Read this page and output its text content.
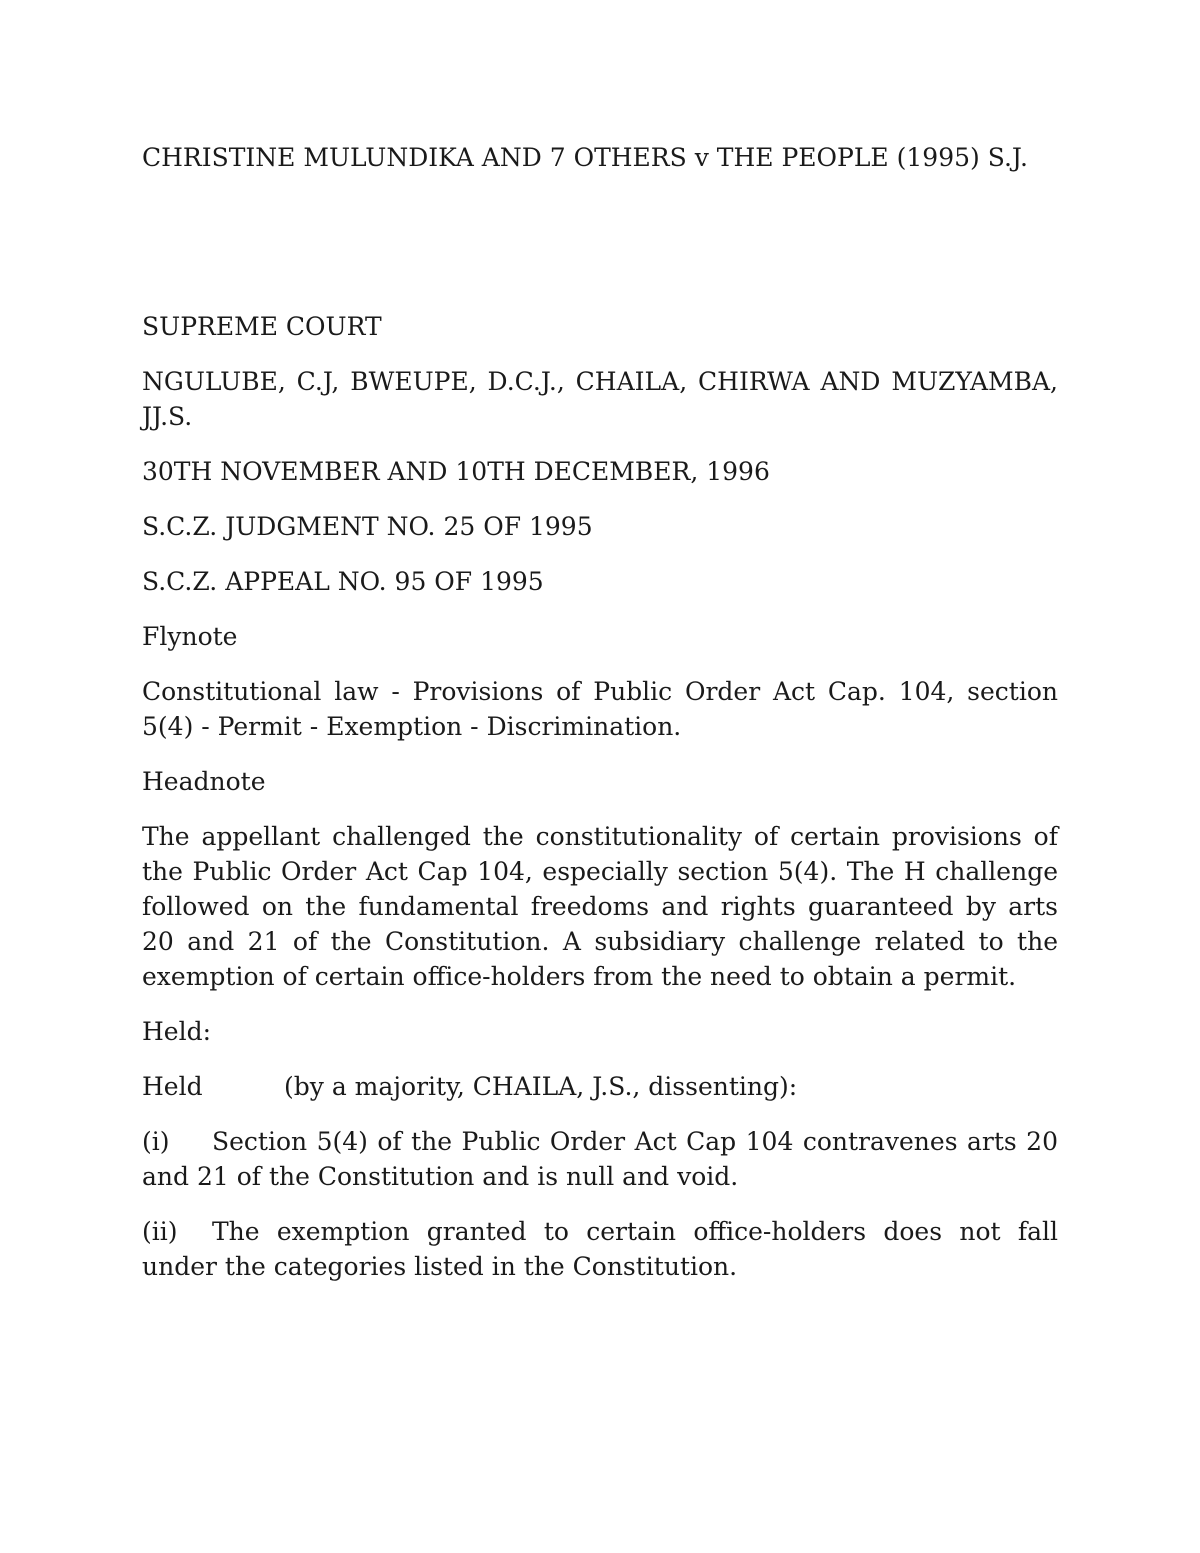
CHRISTINE MULUNDIKA AND 7 OTHERS v THE PEOPLE (1995) S.J.

SUPREME COURT

NGULUBE, C.J, BWEUPE, D.C.J., CHAILA, CHIRWA AND MUZYAMBA, JJ.S.

30TH NOVEMBER AND 10TH DECEMBER, 1996

S.C.Z. JUDGMENT NO. 25 OF 1995

S.C.Z. APPEAL NO. 95 OF 1995

Flynote

Constitutional law - Provisions of Public Order Act Cap. 104, section 5(4) - Permit - Exemption - Discrimination.

Headnote

The appellant challenged the constitutionality of certain provisions of the Public Order Act Cap 104, especially section 5(4). The H challenge followed on the fundamental freedoms and rights guaranteed by arts 20 and 21 of the Constitution. A subsidiary challenge related to the exemption of certain office-holders from the need to obtain a permit.

Held:

Held	(by a majority, CHAILA, J.S., dissenting):

(i) Section 5(4) of the Public Order Act Cap 104 contravenes arts 20 and 21 of the Constitution and is null and void.

(ii) The exemption granted to certain office-holders does not fall under the categories listed in the Constitution.
